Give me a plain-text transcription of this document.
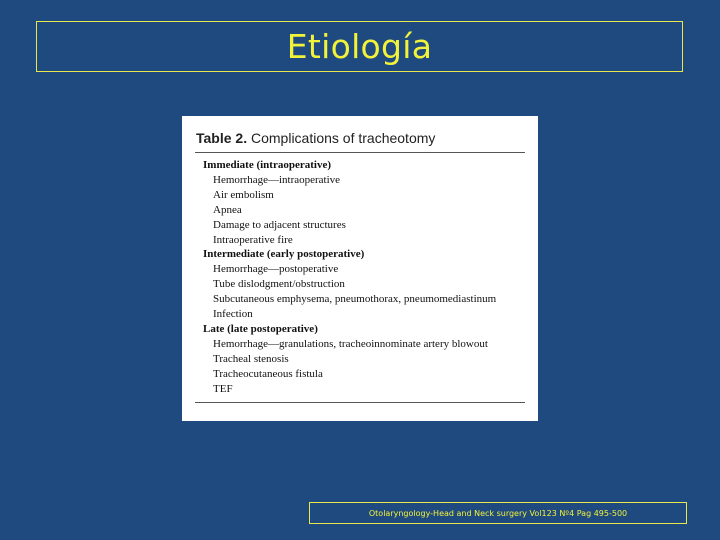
Etiología
Table 2. Complications of tracheotomy
Immediate (intraoperative)
Hemorrhage—intraoperative
Air embolism
Apnea
Damage to adjacent structures
Intraoperative fire
Intermediate (early postoperative)
Hemorrhage—postoperative
Tube dislodgment/obstruction
Subcutaneous emphysema, pneumothorax, pneumomediastinum
Infection
Late (late postoperative)
Hemorrhage—granulations, tracheoinnominate artery blowout
Tracheal stenosis
Tracheocutaneous fistula
TEF
Otolaryngology-Head and Neck surgery Vol123 Nº4 Pag 495-500
